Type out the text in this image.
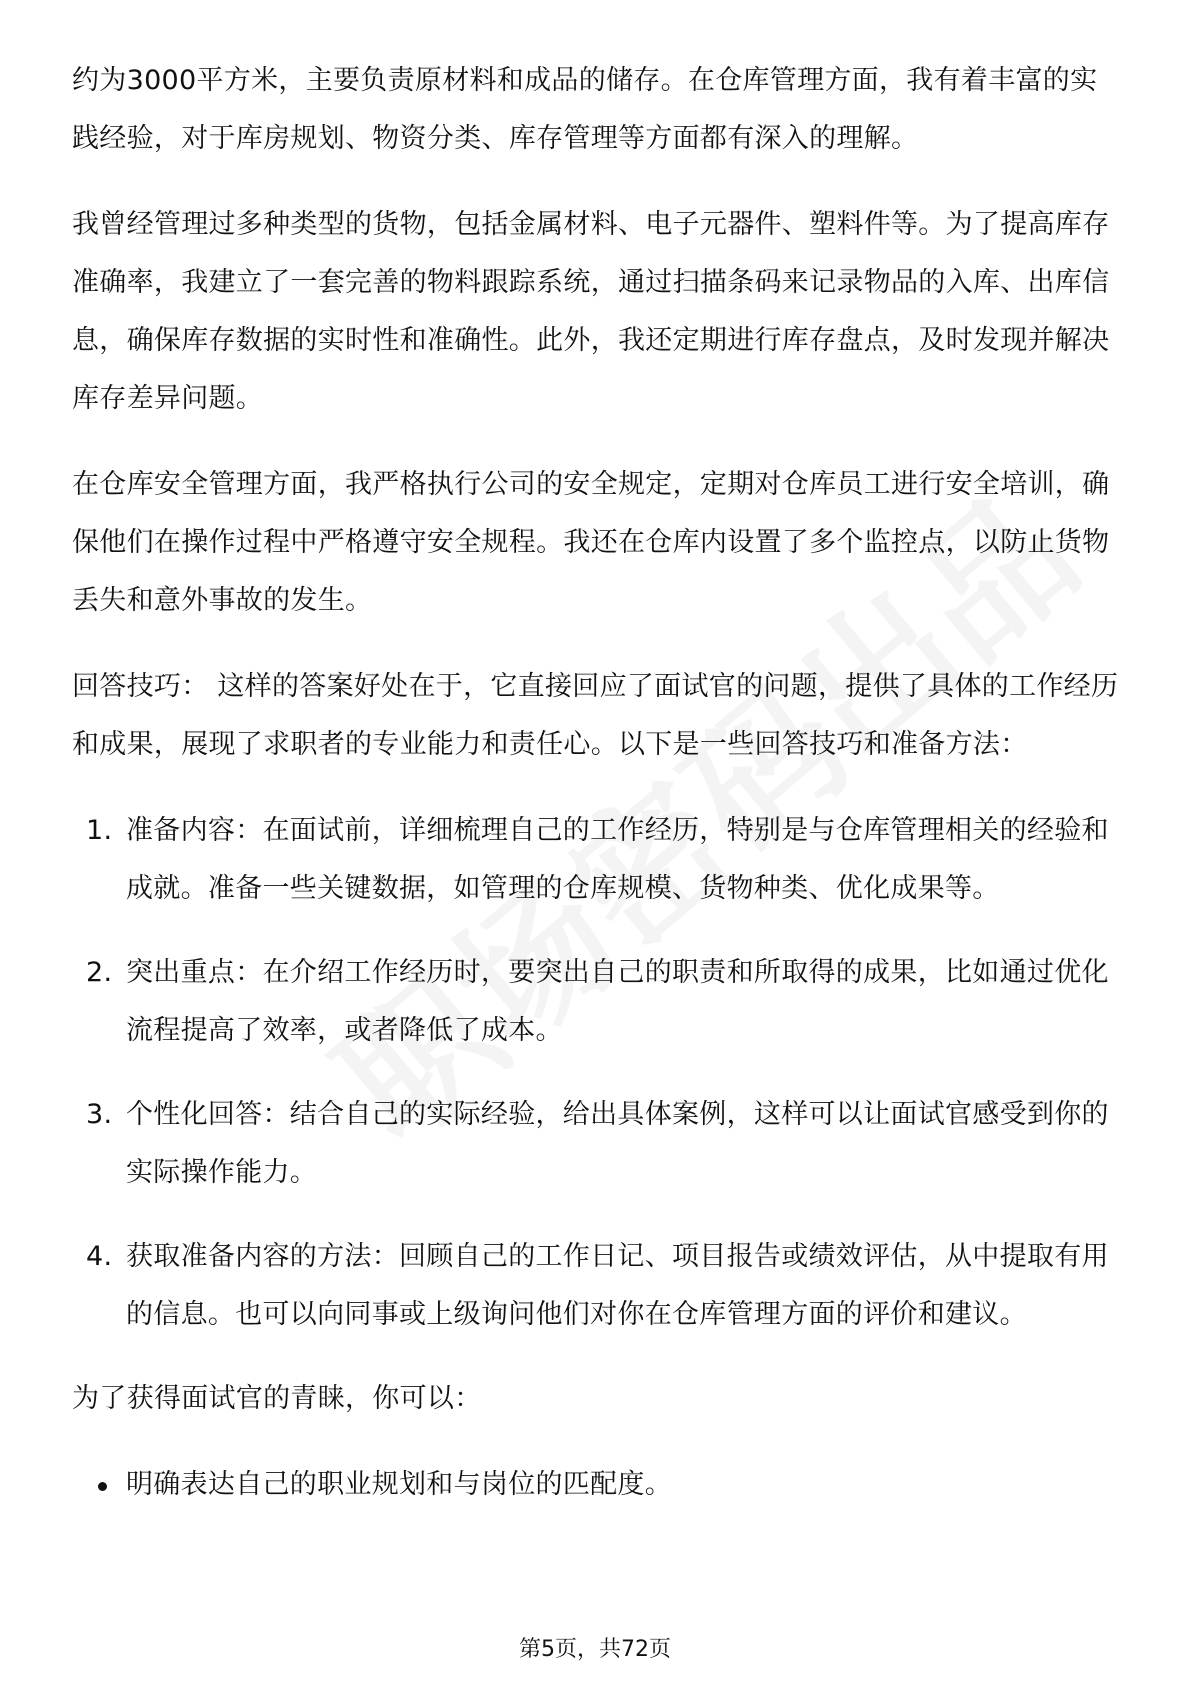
约为3000平方米，主要负责原材料和成品的储存。在仓库管理方面，我有着丰富的实践经验，对于库房规划、物资分类、库存管理等方面都有深入的理解。

我曾经管理过多种类型的货物，包括金属材料、电子元器件、塑料件等。为了提高库存准确率，我建立了一套完善的物料跟踪系统，通过扫描条码来记录物品的入库、出库信息，确保库存数据的实时性和准确性。此外，我还定期进行库存盘点，及时发现并解决库存差异问题。

在仓库安全管理方面，我严格执行公司的安全规定，定期对仓库员工进行安全培训，确保他们在操作过程中严格遵守安全规程。我还在仓库内设置了多个监控点，以防止货物丢失和意外事故的发生。

回答技巧： 这样的答案好处在于，它直接回应了面试官的问题，提供了具体的工作经历和成果，展现了求职者的专业能力和责任心。以下是一些回答技巧和准备方法：

1. 准备内容：在面试前，详细梳理自己的工作经历，特别是与仓库管理相关的经验和成就。准备一些关键数据，如管理的仓库规模、货物种类、优化成果等。
2. 突出重点：在介绍工作经历时，要突出自己的职责和所取得的成果，比如通过优化流程提高了效率，或者降低了成本。
3. 个性化回答：结合自己的实际经验，给出具体案例，这样可以让面试官感受到你的实际操作能力。
4. 获取准备内容的方法：回顾自己的工作日记、项目报告或绩效评估，从中提取有用的信息。也可以向同事或上级询问他们对你在仓库管理方面的评价和建议。

为了获得面试官的青睐，你可以：

明确表达自己的职业规划和与岗位的匹配度。
第5页，共72页
